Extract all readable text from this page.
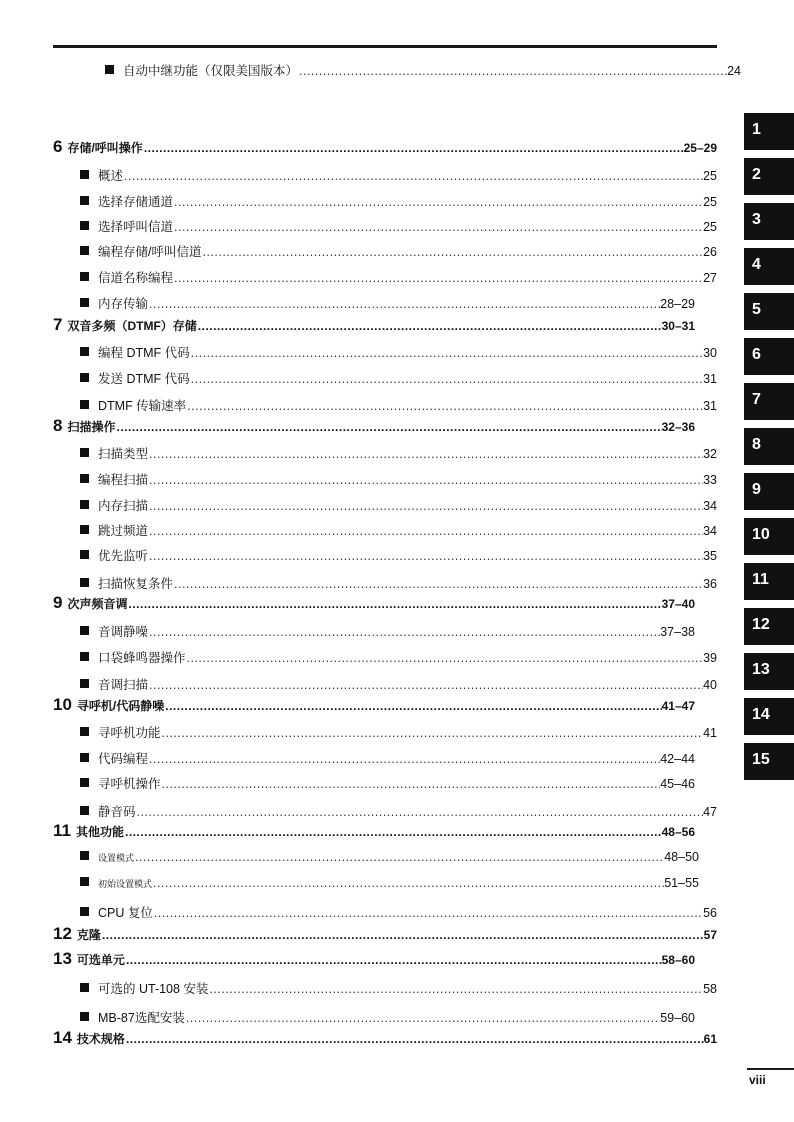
自动中继功能（仅限美国版本） .....	24
6 存储/呼叫操作 .....	25–29
概述 .....	25
选择存储通道 .....	25
选择呼叫信道 .....	25
编程存储/呼叫信道 .....	26
信道名称编程 .....	27
内存传输 .....	28–29
7 双音多频（DTMF）存储 .....	30–31
编程 DTMF 代码 .....	30
发送 DTMF 代码 .....	31
DTMF 传输速率 .....	31
8 扫描操作 .....	32–36
扫描类型 .....	32
编程扫描 .....	33
内存扫描 .....	34
跳过频道 .....	34
优先监听 .....	35
扫描恢复条件 .....	36
9 次声频音调 .....	37–40
音调静噪 .....	37–38
口袋蜂鸣器操作 .....	39
音调扫描 .....	40
10 寻呼机/代码静噪 .....	41–47
寻呼机功能 .....	41
代码编程 .....	42–44
寻呼机操作 .....	45–46
静音码 .....	47
11 其他功能 .....	48–56
设置模式 .....	48–50
初始设置模式 .....	51–55
CPU 复位 .....	56
12 克隆 .....	57
13 可选单元 .....	58–60
可选的 UT-108 安装 .....	58
MB-87选配安装 .....	59–60
14 技术规格 .....	61
1
2
3
4
5
6
7
8
9
10
11
12
13
14
15
viii
